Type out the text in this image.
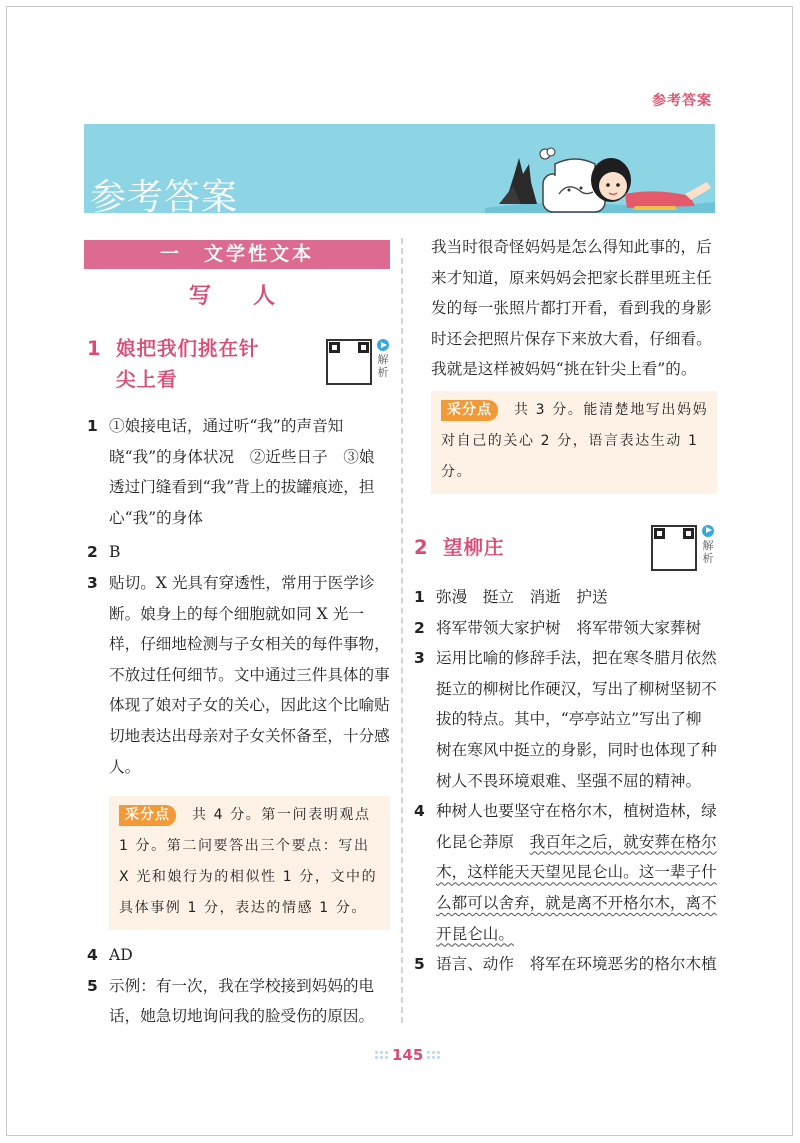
参考答案
参考答案
一　文学性文本
写　人
1 娘把我们挑在针尖上看
解析
1 ①娘接电话，通过听“我”的声音知晓“我”的身体状况　②近些日子　③娘透过门缝看到“我”背上的拔罐痕迹，担心“我”的身体
2 B
3 贴切。X 光具有穿透性，常用于医学诊断。娘身上的每个细胞就如同 X 光一样，仔细地检测与子女相关的每件事物，不放过任何细节。文中通过三件具体的事体现了娘对子女的关心，因此这个比喻贴切地表达出母亲对子女关怀备至，十分感人。
采分点 共 4 分。第一问表明观点 1 分。第二问要答出三个要点：写出 X 光和娘行为的相似性 1 分，文中的具体事例 1 分，表达的情感 1 分。
4 AD
5 示例：有一次，我在学校接到妈妈的电话，她急切地询问我的脸受伤的原因。
我当时很奇怪妈妈是怎么得知此事的，后来才知道，原来妈妈会把家长群里班主任发的每一张照片都打开看，看到我的身影时还会把照片保存下来放大看，仔细看。我就是这样被妈妈“挑在针尖上看”的。
采分点 共 3 分。能清楚地写出妈妈对自己的关心 2 分，语言表达生动 1 分。
2 望柳庄	解析
1 弥漫　挺立　消逝　护送
2 将军带领大家护树　将军带领大家葬树
3 运用比喻的修辞手法，把在寒冬腊月依然挺立的柳树比作硬汉，写出了柳树坚韧不拔的特点。其中，“亭亭站立”写出了柳树在寒风中挺立的身影，同时也体现了种树人不畏环境艰难、坚强不屈的精神。
4 种树人也要坚守在格尔木，植树造林，绿化昆仑莽原　我百年之后，就安葬在格尔木，这样能天天望见昆仑山。这一辈子什么都可以舍弃，就是离不开格尔木，离不开昆仑山。
5 语言、动作　将军在环境恶劣的格尔木植
145
